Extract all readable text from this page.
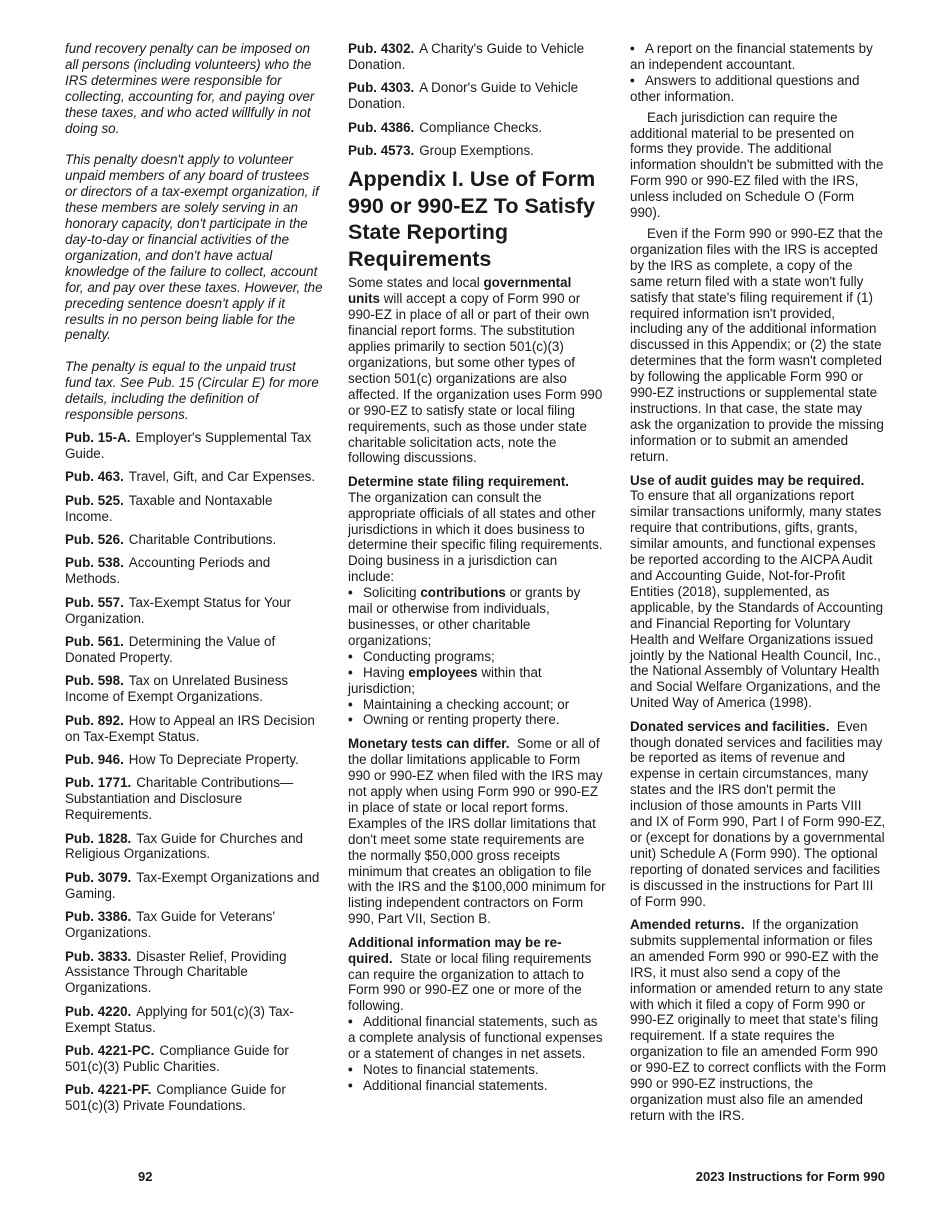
fund recovery penalty can be imposed on all persons (including volunteers) who the IRS determines were responsible for collecting, accounting for, and paying over these taxes, and who acted willfully in not doing so.

This penalty doesn't apply to volunteer unpaid members of any board of trustees or directors of a tax-exempt organization, if these members are solely serving in an honorary capacity, don't participate in the day-to-day or financial activities of the organization, and don't have actual knowledge of the failure to collect, account for, and pay over these taxes. However, the preceding sentence doesn't apply if it results in no person being liable for the penalty.

The penalty is equal to the unpaid trust fund tax. See Pub. 15 (Circular E) for more details, including the definition of responsible persons.

Pub. 15-A. Employer's Supplemental Tax Guide.

Pub. 463. Travel, Gift, and Car Expenses.

Pub. 525. Taxable and Nontaxable Income.

Pub. 526. Charitable Contributions.

Pub. 538. Accounting Periods and Methods.

Pub. 557. Tax-Exempt Status for Your Organization.

Pub. 561. Determining the Value of Donated Property.

Pub. 598. Tax on Unrelated Business Income of Exempt Organizations.

Pub. 892. How to Appeal an IRS Decision on Tax-Exempt Status.

Pub. 946. How To Depreciate Property.

Pub. 1771. Charitable Contributions—Substantiation and Disclosure Requirements.

Pub. 1828. Tax Guide for Churches and Religious Organizations.

Pub. 3079. Tax-Exempt Organizations and Gaming.

Pub. 3386. Tax Guide for Veterans' Organizations.

Pub. 3833. Disaster Relief, Providing Assistance Through Charitable Organizations.

Pub. 4220. Applying for 501(c)(3) Tax-Exempt Status.

Pub. 4221-PC. Compliance Guide for 501(c)(3) Public Charities.

Pub. 4221-PF. Compliance Guide for 501(c)(3) Private Foundations.

Pub. 4302. A Charity's Guide to Vehicle Donation.

Pub. 4303. A Donor's Guide to Vehicle Donation.

Pub. 4386. Compliance Checks.

Pub. 4573. Group Exemptions.

Appendix I. Use of Form 990 or 990-EZ To Satisfy State Reporting Requirements

Some states and local governmental units will accept a copy of Form 990 or 990-EZ in place of all or part of their own financial report forms. The substitution applies primarily to section 501(c)(3) organizations, but some other types of section 501(c) organizations are also affected. If the organization uses Form 990 or 990-EZ to satisfy state or local filing requirements, such as those under state charitable solicitation acts, note the following discussions.

Determine state filing requirement.
The organization can consult the appropriate officials of all states and other jurisdictions in which it does business to determine their specific filing requirements. Doing business in a jurisdiction can include:

• Soliciting contributions or grants by mail or otherwise from individuals, businesses, or other charitable organizations;

• Conducting programs;

• Having employees within that jurisdiction;

• Maintaining a checking account; or

• Owning or renting property there.

Monetary tests can differ. Some or all of the dollar limitations applicable to Form 990 or 990-EZ when filed with the IRS may not apply when using Form 990 or 990-EZ in place of state or local report forms. Examples of the IRS dollar limitations that don't meet some state requirements are the normally $50,000 gross receipts minimum that creates an obligation to file with the IRS and the $100,000 minimum for listing independent contractors on Form 990, Part VII, Section B.

Additional information may be re-quired. State or local filing requirements can require the organization to attach to Form 990 or 990-EZ one or more of the following.

• Additional financial statements, such as a complete analysis of functional expenses or a statement of changes in net assets.

• Notes to financial statements.

• Additional financial statements.

• A report on the financial statements by an independent accountant.

• Answers to additional questions and other information.

Each jurisdiction can require the additional material to be presented on forms they provide. The additional information shouldn't be submitted with the Form 990 or 990-EZ filed with the IRS, unless included on Schedule O (Form 990).

Even if the Form 990 or 990-EZ that the organization files with the IRS is accepted by the IRS as complete, a copy of the same return filed with a state won't fully satisfy that state's filing requirement if (1) required information isn't provided, including any of the additional information discussed in this Appendix; or (2) the state determines that the form wasn't completed by following the applicable Form 990 or 990-EZ instructions or supplemental state instructions. In that case, the state may ask the organization to provide the missing information or to submit an amended return.

Use of audit guides may be required.
To ensure that all organizations report similar transactions uniformly, many states require that contributions, gifts, grants, similar amounts, and functional expenses be reported according to the AICPA Audit and Accounting Guide, Not-for-Profit Entities (2018), supplemented, as applicable, by the Standards of Accounting and Financial Reporting for Voluntary Health and Welfare Organizations issued jointly by the National Health Council, Inc., the National Assembly of Voluntary Health and Social Welfare Organizations, and the United Way of America (1998).

Donated services and facilities. Even though donated services and facilities may be reported as items of revenue and expense in certain circumstances, many states and the IRS don't permit the inclusion of those amounts in Parts VIII and IX of Form 990, Part I of Form 990-EZ, or (except for donations by a governmental unit) Schedule A (Form 990). The optional reporting of donated services and facilities is discussed in the instructions for Part III of Form 990.

Amended returns. If the organization submits supplemental information or files an amended Form 990 or 990-EZ with the IRS, it must also send a copy of the information or amended return to any state with which it filed a copy of Form 990 or 990-EZ originally to meet that state's filing requirement. If a state requires the organization to file an amended Form 990 or 990-EZ to correct conflicts with the Form 990 or 990-EZ instructions, the organization must also file an amended return with the IRS.

92	2023 Instructions for Form 990
